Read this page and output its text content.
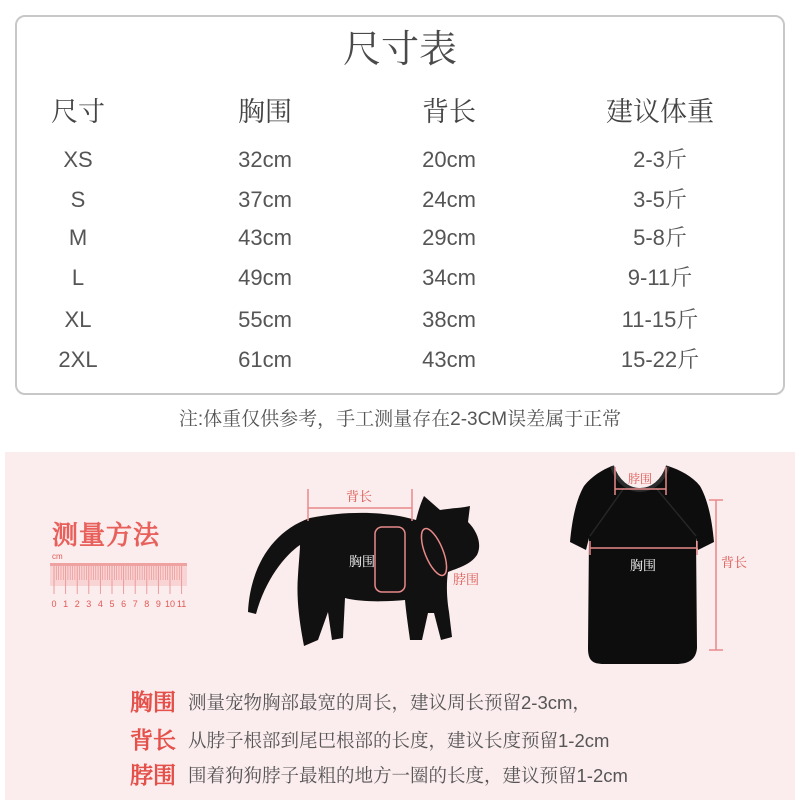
尺寸表
尺寸	胸围	背长	建议体重
XS	32cm	20cm	2-3斤
S	37cm	24cm	3-5斤
M	43cm	29cm	5-8斤
L	49cm	34cm	9-11斤
XL	55cm	38cm	11-15斤
2XL	61cm	43cm	15-22斤
注:体重仅供参考，手工测量存在2-3CM误差属于正常
测量方法
cm
0 1 2 3 4 5 6 7 8 9 10 11
背长
胸围
脖围
脖围
胸围	背长
胸围 测量宠物胸部最宽的周长，建议周长预留2-3cm，
背长 从脖子根部到尾巴根部的长度，建议长度预留1-2cm
脖围 围着狗狗脖子最粗的地方一圈的长度，建议预留1-2cm
